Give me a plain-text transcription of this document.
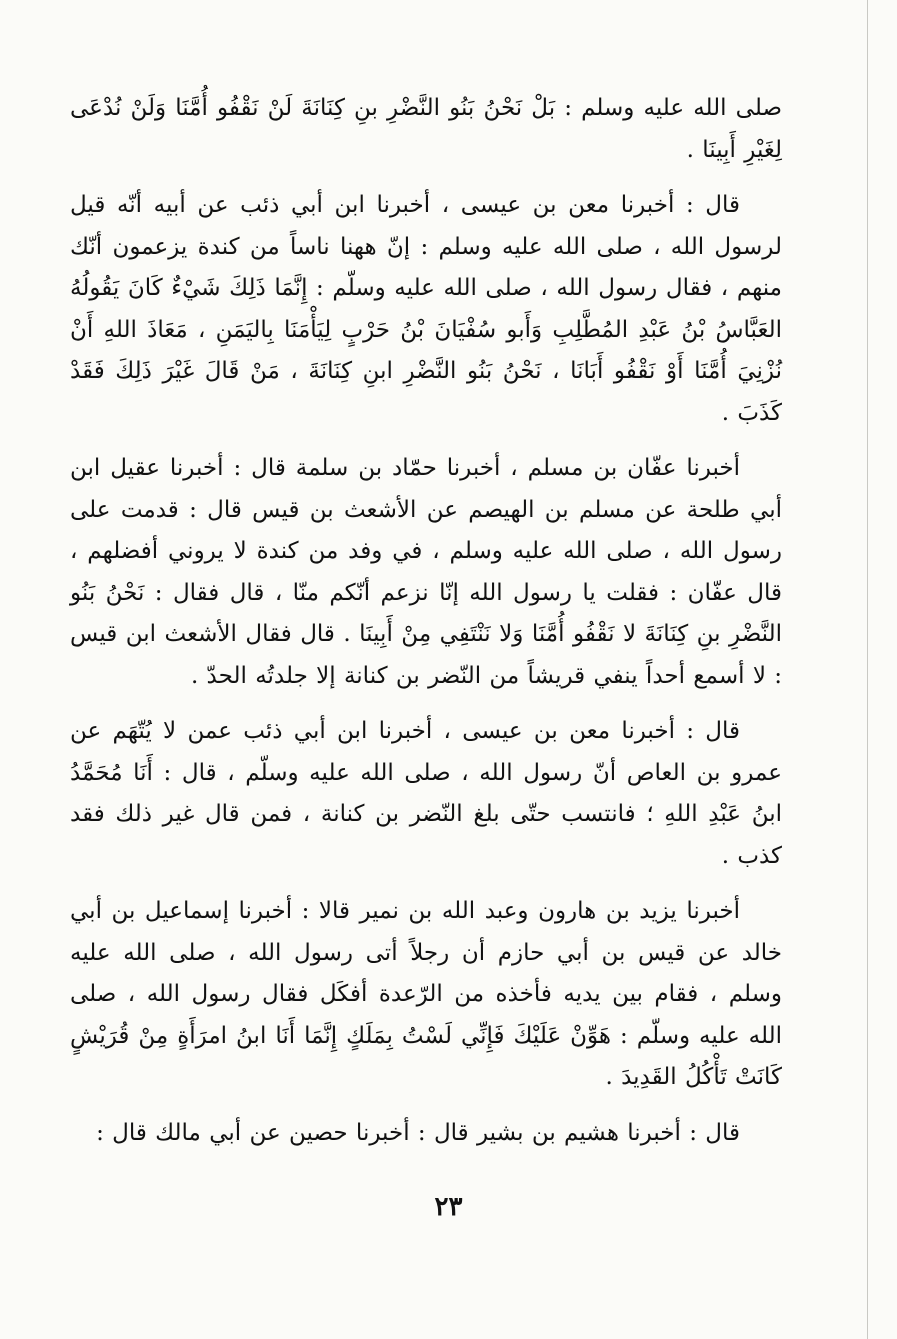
صلى الله عليه وسلم : بَلْ نَحْنُ بَنُو النَّضْرِ بنِ كِنَانَةَ لَنْ نَقْفُو أُمَّنَا وَلَنْ نُدْعَى لِغَيْرِ أَبِينَا .

قال : أخبرنا معن بن عيسى ، أخبرنا ابن أبي ذئب عن أبيه أنّه قيل لرسول الله ، صلى الله عليه وسلم : إنّ ههنا ناساً من كندة يزعمون أنّك منهم ، فقال رسول الله ، صلى الله عليه وسلّم : إِنَّمَا ذَلِكَ شَيْءٌ كَانَ يَقُولُهُ العَبَّاسُ بْنُ عَبْدِ المُطَّلِبِ وَأَبو سُفْيَانَ بْنُ حَرْبٍ لِيَأْمَنَا بِاليَمَنِ ، مَعَاذَ اللهِ أَنْ نُزْنِيَ أُمَّنَا أَوْ نَقْفُو أَبَانَا ، نَحْنُ بَنُو النَّضْرِ ابنِ كِنَانَةَ ، مَنْ قَالَ غَيْرَ ذَلِكَ فَقَدْ كَذَبَ .

أخبرنا عفّان بن مسلم ، أخبرنا حمّاد بن سلمة قال : أخبرنا عقيل ابن أبي طلحة عن مسلم بن الهيصم عن الأشعث بن قيس قال : قدمت على رسول الله ، صلى الله عليه وسلم ، في وفد من كندة لا يروني أفضلهم ، قال عفّان : فقلت يا رسول الله إنّا نزعم أنّكم منّا ، قال فقال : نَحْنُ بَنُو النَّضْرِ بنِ كِنَانَةَ لا نَقْفُو أُمَّنَا وَلا نَنْتَفِي مِنْ أَبِينَا . قال فقال الأشعث ابن قيس : لا أسمع أحداً ينفي قريشاً من النّضر بن كنانة إلا جلدتُه الحدّ .

قال : أخبرنا معن بن عيسى ، أخبرنا ابن أبي ذئب عمن لا يُتّهَم عن عمرو بن العاص أنّ رسول الله ، صلى الله عليه وسلّم ، قال : أَنَا مُحَمَّدُ ابنُ عَبْدِ اللهِ ؛ فانتسب حتّى بلغ النّضر بن كنانة ، فمن قال غير ذلك فقد كذب .

أخبرنا يزيد بن هارون وعبد الله بن نمير قالا : أخبرنا إسماعيل بن أبي خالد عن قيس بن أبي حازم أن رجلاً أتى رسول الله ، صلى الله عليه وسلم ، فقام بين يديه فأخذه من الرّعدة أفكَل فقال رسول الله ، صلى الله عليه وسلّم : هَوِّنْ عَلَيْكَ فَإِنِّي لَسْتُ بِمَلَكٍ إِنَّمَا أَنَا ابنُ امرَأَةٍ مِنْ قُرَيْشٍ كَانَتْ تَأْكُلُ القَدِيدَ .

قال : أخبرنا هشيم بن بشير قال : أخبرنا حصين عن أبي مالك قال :

٢٣
